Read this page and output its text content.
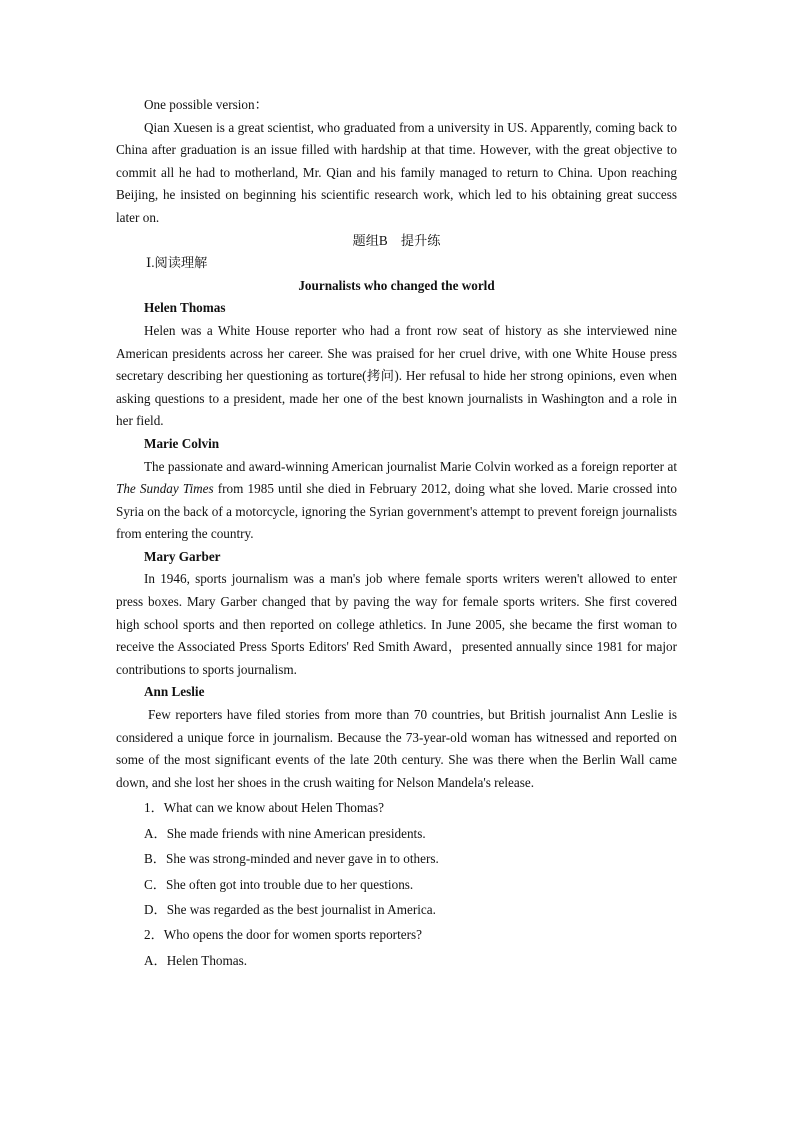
One possible version：

Qian Xuesen is a great scientist, who graduated from a university in US. Apparently, coming back to China after graduation is an issue filled with hardship at that time. However, with the great objective to commit all he had to motherland, Mr. Qian and his family managed to return to China. Upon reaching Beijing, he insisted on beginning his scientific research work, which led to his obtaining great success later on.

题组B　提升练

Ⅰ.阅读理解

Journalists who changed the world

Helen Thomas

Helen was a White House reporter who had a front row seat of history as she interviewed nine American presidents across her career. She was praised for her cruel drive, with one White House press secretary describing her questioning as torture(拷问). Her refusal to hide her strong opinions, even when asking questions to a president, made her one of the best known journalists in Washington and a role in her field.

Marie Colvin

The passionate and award-winning American journalist Marie Colvin worked as a foreign reporter at The Sunday Times from 1985 until she died in February 2012, doing what she loved. Marie crossed into Syria on the back of a motorcycle, ignoring the Syrian government's attempt to prevent foreign journalists from entering the country.

Mary Garber

In 1946, sports journalism was a man's job where female sports writers weren't allowed to enter press boxes. Mary Garber changed that by paving the way for female sports writers. She first covered high school sports and then reported on college athletics. In June 2005, she became the first woman to receive the Associated Press Sports Editors' Red Smith Award，presented annually since 1981 for major contributions to sports journalism.

Ann Leslie

Few reporters have filed stories from more than 70 countries, but British journalist Ann Leslie is considered a unique force in journalism. Because the 73-year-old woman has witnessed and reported on some of the most significant events of the late 20th century. She was there when the Berlin Wall came down, and she lost her shoes in the crush waiting for Nelson Mandela's release.

1．What can we know about Helen Thomas?

A．She made friends with nine American presidents.

B．She was strong-minded and never gave in to others.

C．She often got into trouble due to her questions.

D．She was regarded as the best journalist in America.

2．Who opens the door for women sports reporters?

A．Helen Thomas.
